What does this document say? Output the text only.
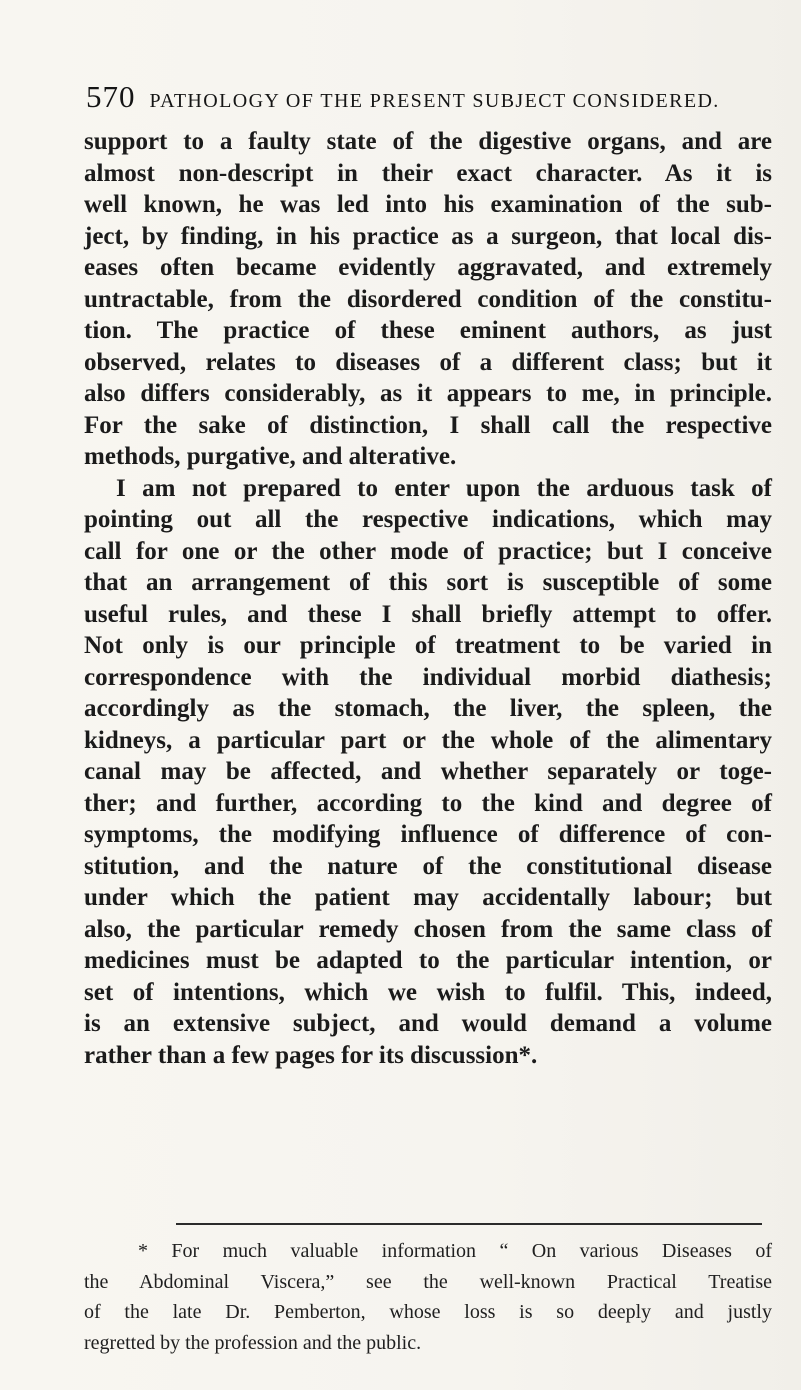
570 PATHOLOGY OF THE PRESENT SUBJECT CONSIDERED.
support to a faulty state of the digestive organs, and are
almost non-descript in their exact character. As it is
well known, he was led into his examination of the sub-
ject, by finding, in his practice as a surgeon, that local dis-
eases often became evidently aggravated, and extremely
untractable, from the disordered condition of the constitu-
tion. The practice of these eminent authors, as just
observed, relates to diseases of a different class; but it
also differs considerably, as it appears to me, in principle.
For the sake of distinction, I shall call the respective
methods, purgative, and alterative.
I am not prepared to enter upon the arduous task of
pointing out all the respective indications, which may
call for one or the other mode of practice; but I conceive
that an arrangement of this sort is susceptible of some
useful rules, and these I shall briefly attempt to offer.
Not only is our principle of treatment to be varied in
correspondence with the individual morbid diathesis;
accordingly as the stomach, the liver, the spleen, the
kidneys, a particular part or the whole of the alimentary
canal may be affected, and whether separately or toge-
ther; and further, according to the kind and degree of
symptoms, the modifying influence of difference of con-
stitution, and the nature of the constitutional disease
under which the patient may accidentally labour; but
also, the particular remedy chosen from the same class of
medicines must be adapted to the particular intention, or
set of intentions, which we wish to fulfil. This, indeed,
is an extensive subject, and would demand a volume
rather than a few pages for its discussion*.
* For much valuable information “ On various Diseases of
the Abdominal Viscera,” see the well-known Practical Treatise
of the late Dr. Pemberton, whose loss is so deeply and justly
regretted by the profession and the public.
